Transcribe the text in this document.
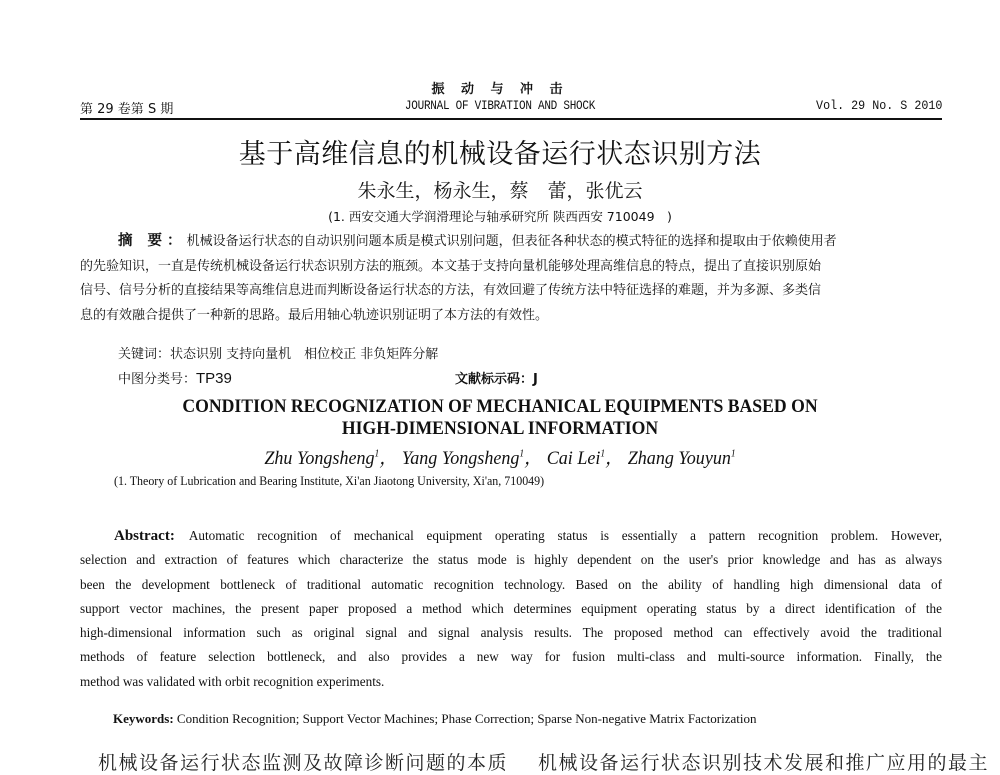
振 动 与 冲 击
第 29 卷第 S 期	JOURNAL OF VIBRATION AND SHOCK	Vol. 29 No. S 2010
基于高维信息的机械设备运行状态识别方法
朱永生，杨永生，蔡　蕾，张优云
(1. 西安交通大学润滑理论与轴承研究所 陕西西安 710049　)
摘 要：机械设备运行状态的自动识别问题本质是模式识别问题，但表征各种状态的模式特征的选择和提取由于依赖使用者
的先验知识，一直是传统机械设备运行状态识别方法的瓶颈。本文基于支持向量机能够处理高维信息的特点，提出了直接识别原始
信号、信号分析的直接结果等高维信息进而判断设备运行状态的方法，有效回避了传统方法中特征选择的难题，并为多源、多类信
息的有效融合提供了一种新的思路。最后用轴心轨迹识别证明了本方法的有效性。
关键词：状态识别 支持向量机　相位校正 非负矩阵分解
中图分类号：TP39	文献标示码：J
CONDITION RECOGNIZATION OF MECHANICAL EQUIPMENTS BASED ON
HIGH-DIMENSIONAL INFORMATION
Zhu Yongsheng$^1$， Yang Yongsheng$^1$， Cai Lei$^1$， Zhang Youyun$^1$
(1. Theory of Lubrication and Bearing Institute, Xi'an Jiaotong University, Xi'an, 710049)
Abstract: Automatic recognition of mechanical equipment operating status is essentially a pattern recognition problem. However,
selection and extraction of features which characterize the status mode is highly dependent on the user's prior knowledge and has as always
been the development bottleneck of traditional automatic recognition technology. Based on the ability of handling high dimensional data of
support vector machines, the present paper proposed a method which determines equipment operating status by a direct identification of the
high-dimensional information such as original signal and signal analysis results. The proposed method can effectively avoid the traditional
methods of feature selection bottleneck, and also provides a new way for fusion multi-class and multi-source information. Finally, the
method was validated with orbit recognition experiments.
Keywords: Condition Recognition; Support Vector Machines; Phase Correction; Sparse Non-negative Matrix Factorization
机械设备运行状态监测及故障诊断问题的本质 机械设备运行状态识别技术发展和推广应用的最主
